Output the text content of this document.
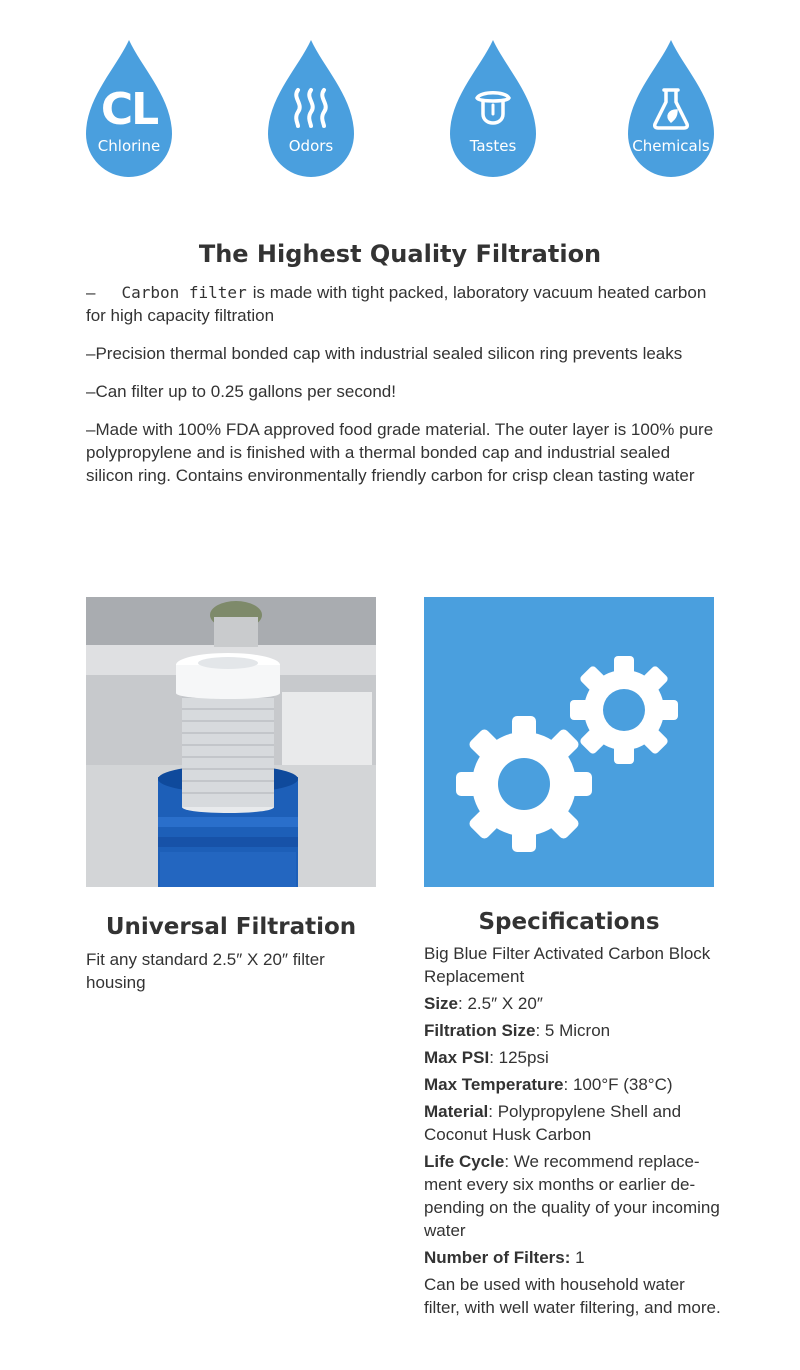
CL
Chlorine	Odors	Tastes	Chemicals
The Highest Quality Filtration

– Carbon filter is made with tight packed, laboratory vacuum heated carbon for high capacity filtration

–Precision thermal bonded cap with industrial sealed silicon ring prevents leaks

–Can filter up to 0.25 gallons per second!

–Made with 100% FDA approved food grade material. The outer layer is 100% pure polypropylene and is finished with a thermal bonded cap and industrial sealed silicon ring. Contains environmentally friendly carbon for crisp clean tasting water

Universal Filtration
Fit any standard 2.5″ X 20″ filter housing
Specifications

Big Blue Filter Activated Carbon Block Replacement

Size: 2.5″ X 20″

Filtration Size: 5 Micron

Max PSI: 125psi

Max Temperature: 100°F (38°C)

Material: Polypropylene Shell and Coconut Husk Carbon

Life Cycle: We recommend replacement every six months or earlier depending on the quality of your incoming water

Number of Filters: 1

Can be used with household water filter, with well water filtering, and more.
